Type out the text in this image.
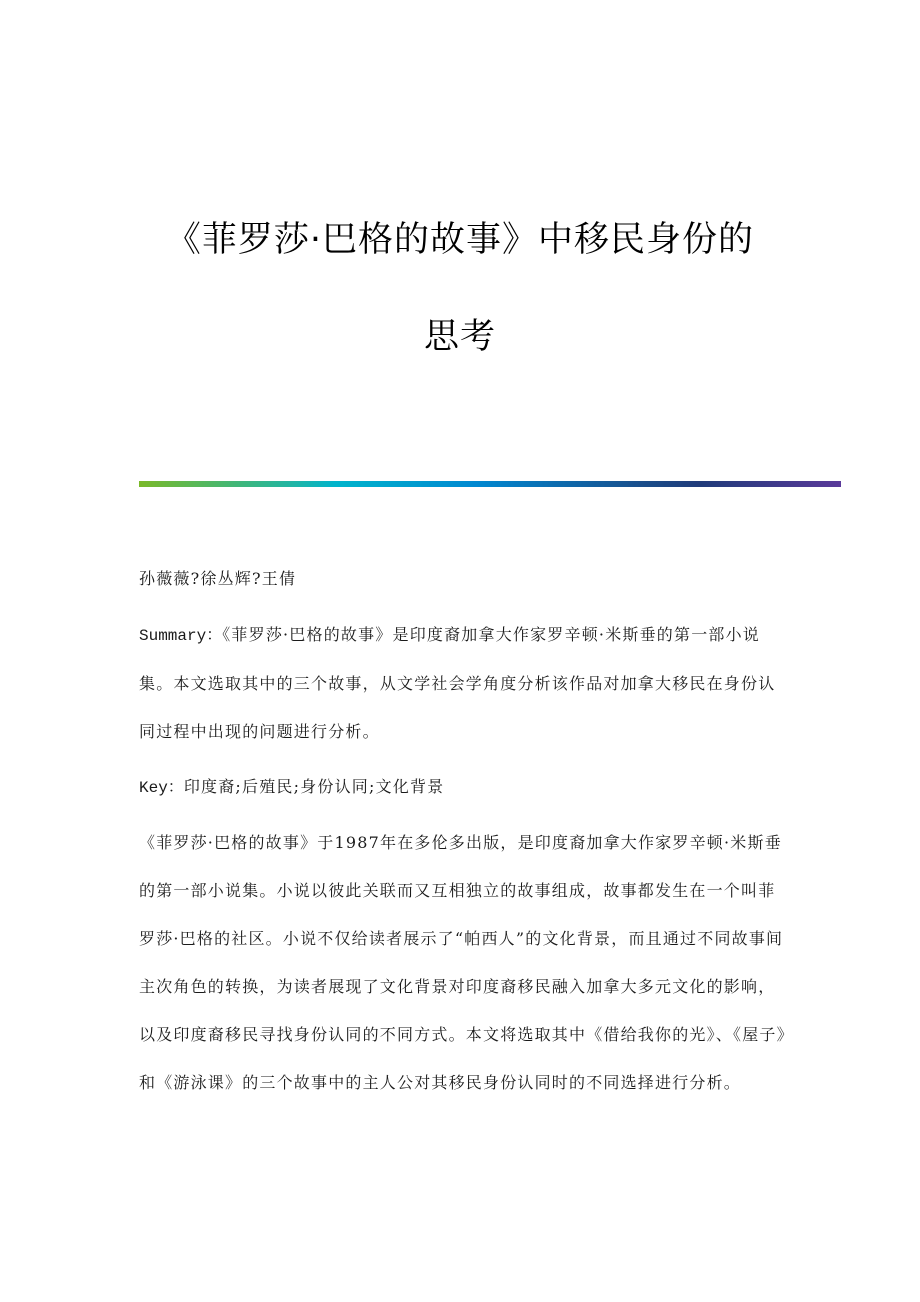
《菲罗莎·巴格的故事》中移民身份的
思考

孙薇薇?徐丛辉?王倩

Summary：《菲罗莎·巴格的故事》是印度裔加拿大作家罗辛顿·米斯垂的第一部小说集。本文选取其中的三个故事，从文学社会学角度分析该作品对加拿大移民在身份认同过程中出现的问题进行分析。

Key：印度裔;后殖民;身份认同;文化背景

《菲罗莎·巴格的故事》于1987年在多伦多出版，是印度裔加拿大作家罗辛顿·米斯垂的第一部小说集。小说以彼此关联而又互相独立的故事组成，故事都发生在一个叫菲罗莎·巴格的社区。小说不仅给读者展示了“帕西人”的文化背景，而且通过不同故事间主次角色的转换，为读者展现了文化背景对印度裔移民融入加拿大多元文化的影响，以及印度裔移民寻找身份认同的不同方式。本文将选取其中《借给我你的光》、《屋子》和《游泳课》的三个故事中的主人公对其移民身份认同时的不同选择进行分析。
